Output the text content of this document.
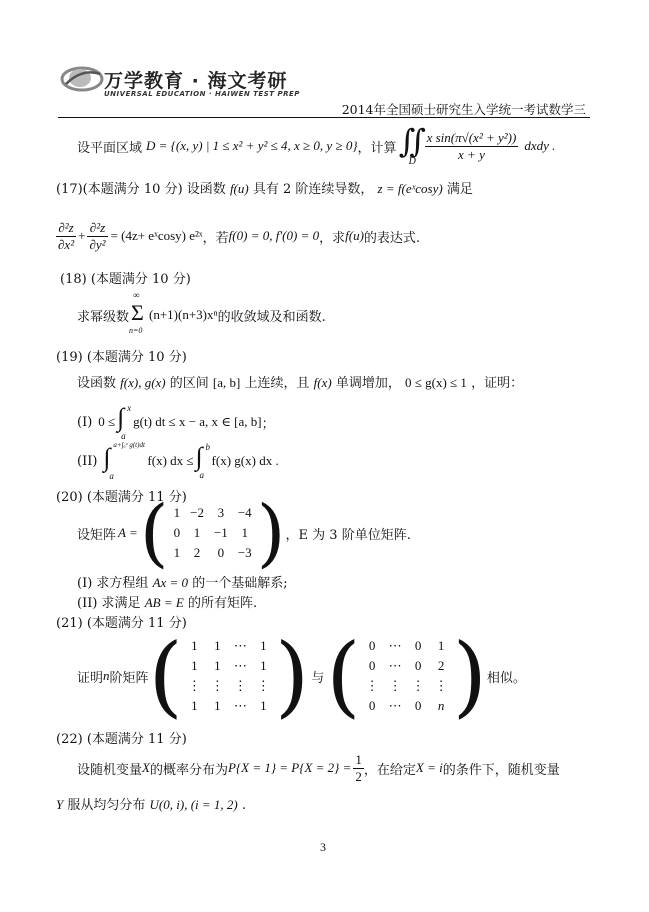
万学教育 · 海文考研
UNIVERSAL EDUCATION · HAIWEN TEST PREP
2014年全国硕士研究生入学统一考试数学三
设平面区域 D = {(x, y) | 1 ≤ x² + y² ≤ 4, x ≥ 0, y ≥ 0} ，计算 ∬
D $\frac{\text{x sin(π√(x² + y²))}}{x + y}$ dxdy .
(17)(本题满分 10 分) 设函数 f(u) 具有 2 阶连续导数， z = f(eˣcosy) 满足
$\frac{\text{∂²z}}{\text{∂x²}} + \frac{\text{∂²z}}{\text{∂y²}} = (4z+$ eˣcosy) e²ˣ ，若 f(0) = 0, f′(0) = 0 ，求 f(u) 的表达式.
(18) (本题满分 10 分)
求幂级数
∞
Σ
n=0
(n+1)(n+3)xⁿ 的收敛域及和函数.
(19) (本题满分 10 分)
设函数 f(x), g(x) 的区间 [a, b] 上连续，且 f(x) 单调增加， 0 ≤ g(x) ≤ 1 ，证明：
(I) 0 ≤ ∫ x
a
g(t) dt ≤ x − a, x ∈ [a, b] ；
(II) ∫ a+∫ₐˣ g(t)dt
a
f(x) dx ≤ ∫ b
a
f(x) g(x) dx .
(20) (本题满分 11 分)
设矩阵 A = ( 1	−2	3	−4
0	1	−1	1
1	2	0	−3 ) ，E 为 3 阶单位矩阵.
(I) 求方程组 Ax = 0 的一个基础解系;
(II) 求满足 AB = E 的所有矩阵.
(21) (本题满分 11 分)
证明 n 阶矩阵 ( 1	1	⋯	1
1	1	⋯	1
⋮	⋮	⋮	⋮
1	1	⋯	1 ) 与 ( 0	⋯	0	1
0	⋯	0	2
⋮	⋮	⋮	⋮
0	⋯	0	n ) 相似。
(22) (本题满分 11 分)
设随机变量 X 的概率分布为 $P\{X = 1\} = P\{X = 2\} = \frac{1}{2}$ ，在给定 X = i 的条件下，随机变量
Y 服从均匀分布 U(0, i), (i = 1, 2) .
3
